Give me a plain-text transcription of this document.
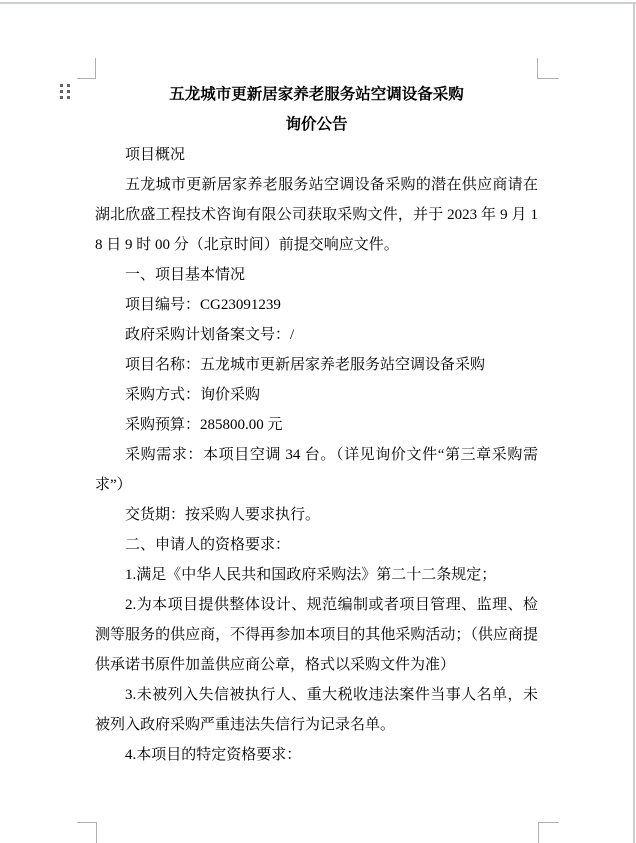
五龙城市更新居家养老服务站空调设备采购
询价公告

项目概况

五龙城市更新居家养老服务站空调设备采购的潜在供应商请在湖北欣盛工程技术咨询有限公司获取采购文件，并于 2023 年 9 月 18 日 9 时 00 分（北京时间）前提交响应文件。

一、项目基本情况

项目编号：CG23091239

政府采购计划备案文号：/

项目名称：五龙城市更新居家养老服务站空调设备采购

采购方式：询价采购

采购预算：285800.00 元

采购需求：本项目空调 34 台。（详见询价文件“第三章采购需求”）

交货期：按采购人要求执行。

二、申请人的资格要求：

1.满足《中华人民共和国政府采购法》第二十二条规定；

2.为本项目提供整体设计、规范编制或者项目管理、监理、检测等服务的供应商，不得再参加本项目的其他采购活动；（供应商提供承诺书原件加盖供应商公章，格式以采购文件为准）

3.未被列入失信被执行人、重大税收违法案件当事人名单，未被列入政府采购严重违法失信行为记录名单。

4.本项目的特定资格要求：
